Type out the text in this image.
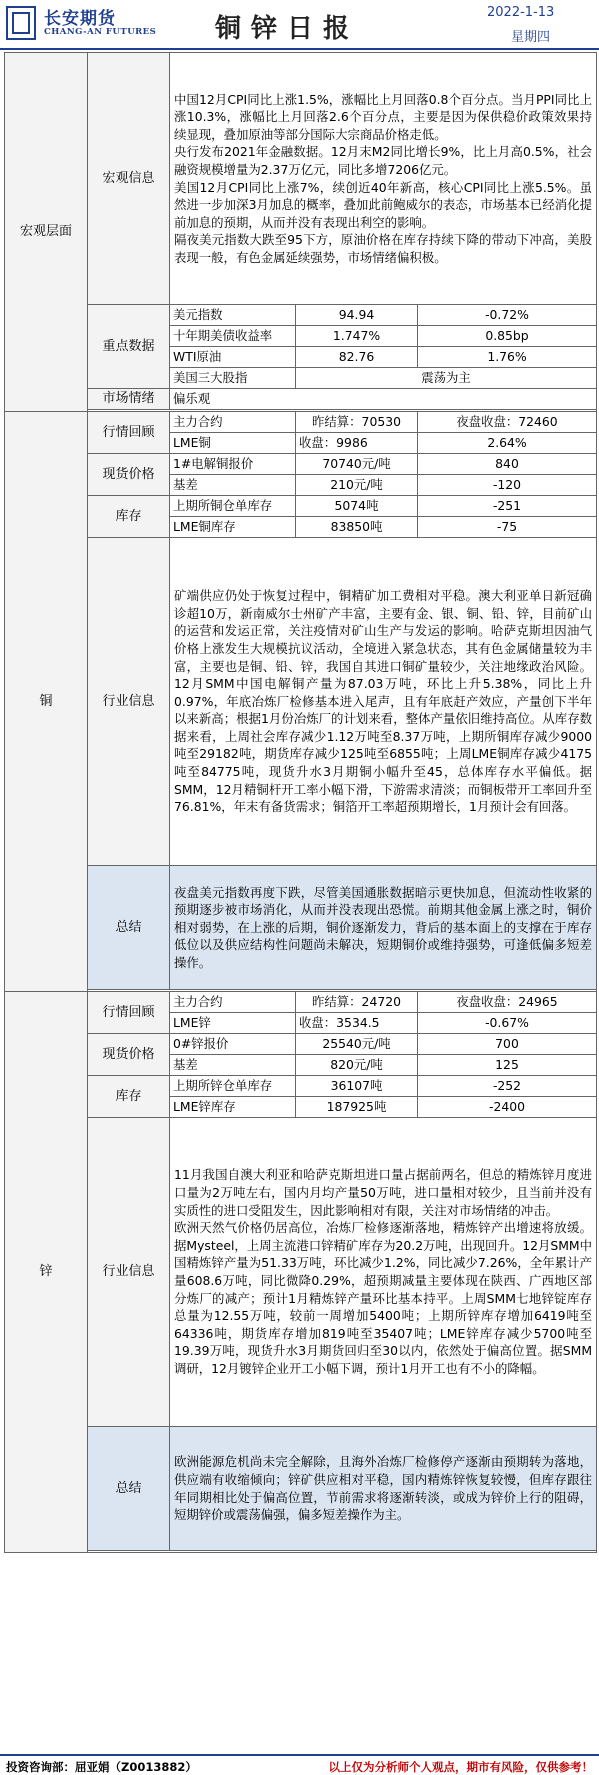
长安期货
CHANG-AN FUTURES 铜锌日报
2022-1-13
星期四
宏观层面	宏观信息	中国12月CPI同比上涨1.5%，涨幅比上月回落0.8个百分点。当月PPI同比上涨10.3%，涨幅比上月回落2.6个百分点，主要是因为保供稳价政策效果持续显现，叠加原油等部分国际大宗商品价格走低。
央行发布2021年金融数据。12月末M2同比增长9%，比上月高0.5%，社会融资规模增量为2.37万亿元，同比多增7206亿元。
美国12月CPI同比上涨7%，续创近40年新高，核心CPI同比上涨5.5%。虽然进一步加深3月加息的概率，叠加此前鲍威尔的表态，市场基本已经消化提前加息的预期，从而并没有表现出利空的影响。
隔夜美元指数大跌至95下方，原油价格在库存持续下降的带动下冲高，美股表现一般，有色金属延续强势，市场情绪偏积极。		

	重点数据	美元指数	94.94	-0.72%
		十年期美债收益率	1.747%	0.85bp
		WTI原油	82.76	1.76%
		美国三大股指	震荡为主	
	市场情绪	偏乐观		

铜	行情回顾	主力合约	昨结算：70530	夜盘收盘：72460
		LME铜	收盘：9986	2.64%
	现货价格	1#电解铜报价	70740元/吨	840
		基差	210元/吨	-120
	库存	上期所铜仓单库存	5074吨	-251
		LME铜库存	83850吨	-75
	行业信息	矿端供应仍处于恢复过程中，铜精矿加工费相对平稳。澳大利亚单日新冠确诊超10万，新南威尔士州矿产丰富，主要有金、银、铜、铅、锌，目前矿山的运营和发运正常，关注疫情对矿山生产与发运的影响。哈萨克斯坦因油气价格上涨发生大规模抗议活动，全境进入紧急状态，其有色金属储量较为丰富，主要也是铜、铅、锌，我国自其进口铜矿量较少，关注地缘政治风险。12月SMM中国电解铜产量为87.03万吨，环比上升5.38%，同比上升0.97%，年底冶炼厂检修基本进入尾声，且有年底赶产效应，产量创下半年以来新高；根据1月份冶炼厂的计划来看，整体产量依旧维持高位。从库存数据来看，上周社会库存减少1.12万吨至8.37万吨，上期所铜库存减少9000吨至29182吨，期货库存减少125吨至6855吨；上周LME铜库存减少4175吨至84775吨，现货升水3月期铜小幅升至45，总体库存水平偏低。据SMM，12月精铜杆开工率小幅下滑，下游需求清淡；而铜板带开工率回升至76.81%，年末有备货需求；铜箔开工率超预期增长，1月预计会有回落。		
	总结	夜盘美元指数再度下跌，尽管美国通胀数据暗示更快加息，但流动性收紧的预期逐步被市场消化，从而并没表现出恐慌。前期其他金属上涨之时，铜价相对弱势，在上涨的后期，铜价逐渐发力，背后的基本面上的支撑在于库存低位以及供应结构性问题尚未解决，短期铜价或维持强势，可逢低偏多短差操作。		

锌	行情回顾	主力合约	昨结算：24720	夜盘收盘：24965
		LME锌	收盘：3534.5	-0.67%
	现货价格	0#锌报价	25540元/吨	700
		基差	820元/吨	125
	库存	上期所锌仓单库存	36107吨	-252
		LME锌库存	187925吨	-2400
	行业信息	11月我国自澳大利亚和哈萨克斯坦进口量占据前两名，但总的精炼锌月度进口量为2万吨左右，国内月均产量50万吨，进口量相对较少，且当前并没有实质性的进口受阻发生，因此影响相对有限，关注对市场情绪的冲击。
欧洲天然气价格仍居高位，冶炼厂检修逐渐落地，精炼锌产出增速将放缓。据Mysteel，上周主流港口锌精矿库存为20.2万吨，出现回升。12月SMM中国精炼锌产量为51.33万吨，环比减少1.2%，同比减少7.26%，全年累计产量608.6万吨，同比微降0.29%，超预期减量主要体现在陕西、广西地区部分炼厂的减产；预计1月精炼锌产量环比基本持平。上周SMM七地锌锭库存总量为12.55万吨，较前一周增加5400吨；上期所锌库存增加6419吨至64336吨，期货库存增加819吨至35407吨；LME锌库存减少5700吨至19.39万吨，现货升水3月期货回归至30以内，依然处于偏高位置。据SMM调研，12月镀锌企业开工小幅下调，预计1月开工也有不小的降幅。		

	总结	欧洲能源危机尚未完全解除，且海外冶炼厂检修停产逐渐由预期转为落地，供应端有收缩倾向；锌矿供应相对平稳，国内精炼锌恢复较慢，但库存跟往年同期相比处于偏高位置，节前需求将逐渐转淡，或成为锌价上行的阻碍，短期锌价或震荡偏强，偏多短差操作为主。		

投资咨询部：屈亚娟（Z0013882）	以上仅为分析师个人观点，期市有风险，仅供参考！
